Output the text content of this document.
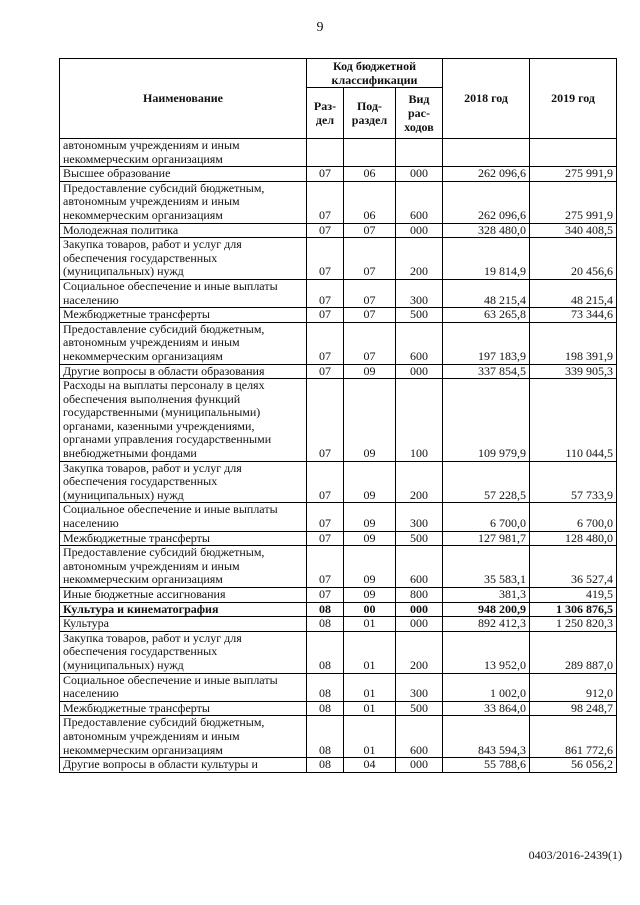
9
Наименование	Код бюджетной классификации			2018 год	2019 год
	Раз-дел	Под-раздел	Вид рас-ходов		
автономным учреждениям и иным некоммерческим организациям					
Высшее образование	07	06	000	262 096,6	275 991,9
Предоставление субсидий бюджетным, автономным учреждениям и иным некоммерческим организациям	07	06	600	262 096,6	275 991,9
Молодежная политика	07	07	000	328 480,0	340 408,5
Закупка товаров, работ и услуг для обеспечения государственных (муниципальных) нужд	07	07	200	19 814,9	20 456,6
Социальное обеспечение и иные выплаты населению	07	07	300	48 215,4	48 215,4
Межбюджетные трансферты	07	07	500	63 265,8	73 344,6
Предоставление субсидий бюджетным, автономным учреждениям и иным некоммерческим организациям	07	07	600	197 183,9	198 391,9
Другие вопросы в области образования	07	09	000	337 854,5	339 905,3
Расходы на выплаты персоналу в целях обеспечения выполнения функций государственными (муниципальными) органами, казенными учреждениями, органами управления государственными внебюджетными фондами	07	09	100	109 979,9	110 044,5
Закупка товаров, работ и услуг для обеспечения государственных (муниципальных) нужд	07	09	200	57 228,5	57 733,9
Социальное обеспечение и иные выплаты населению	07	09	300	6 700,0	6 700,0
Межбюджетные трансферты	07	09	500	127 981,7	128 480,0
Предоставление субсидий бюджетным, автономным учреждениям и иным некоммерческим организациям	07	09	600	35 583,1	36 527,4
Иные бюджетные ассигнования	07	09	800	381,3	419,5
Культура и кинематография	08	00	000	948 200,9	1 306 876,5
Культура	08	01	000	892 412,3	1 250 820,3
Закупка товаров, работ и услуг для обеспечения государственных (муниципальных) нужд	08	01	200	13 952,0	289 887,0
Социальное обеспечение и иные выплаты населению	08	01	300	1 002,0	912,0
Межбюджетные трансферты	08	01	500	33 864,0	98 248,7
Предоставление субсидий бюджетным, автономным учреждениям и иным некоммерческим организациям	08	01	600	843 594,3	861 772,6
Другие вопросы в области культуры и	08	04	000	55 788,6	56 056,2
0403/2016-2439(1)
